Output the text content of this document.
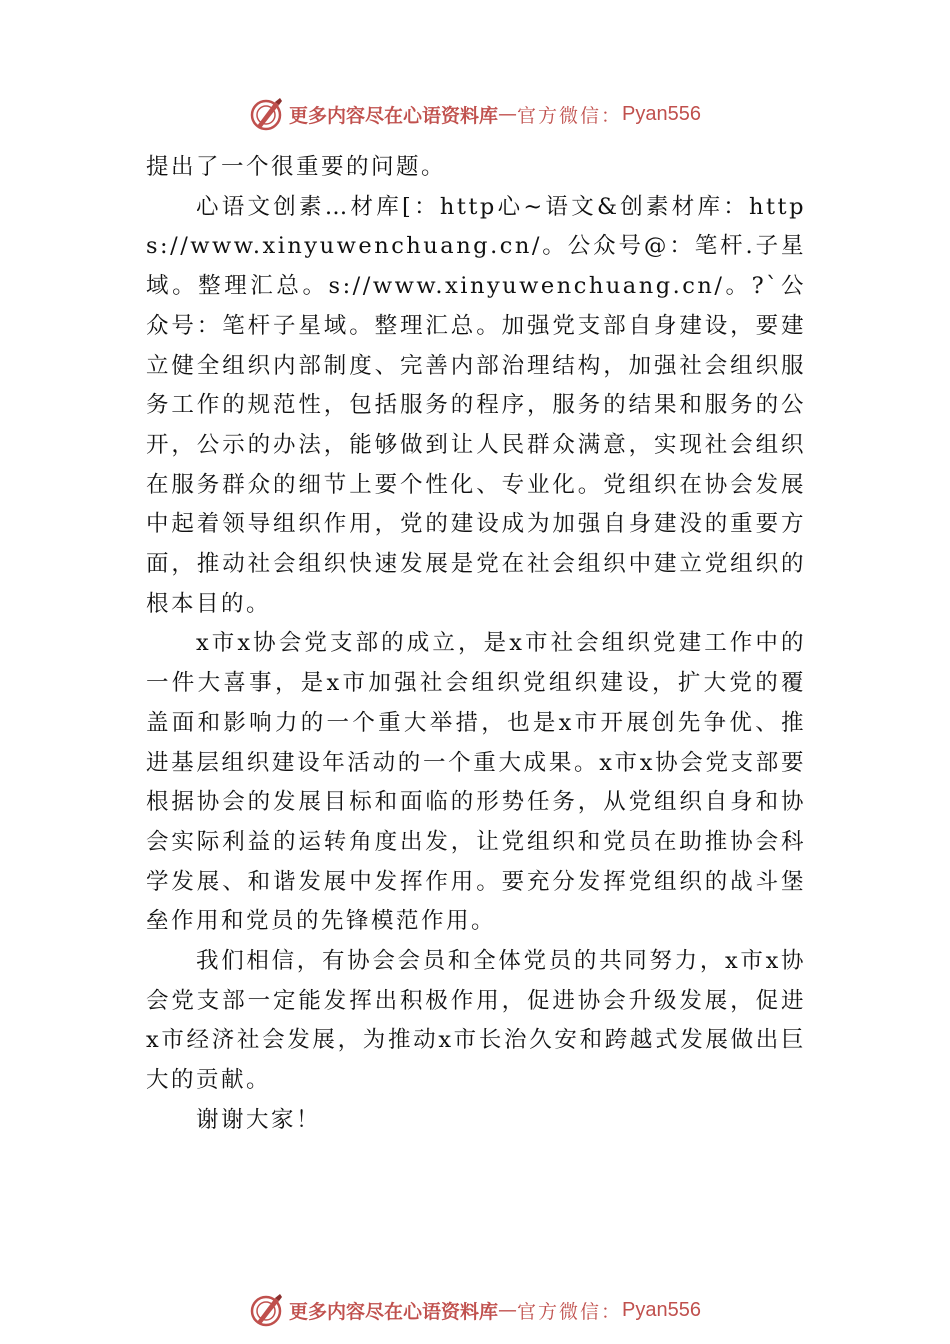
更多内容尽在心语资料库 — 官方微信： Pyan556

提出了一个很重要的问题。

心语文创素…材库[：http心~语文&创素材库：https://www.xinyuwenchuang.cn/。公众号@：笔杆.子星域。整理汇总。s://www.xinyuwenchuang.cn/。?`公众号：笔杆子星域。整理汇总。加强党支部自身建设，要建立健全组织内部制度、完善内部治理结构，加强社会组织服务工作的规范性，包括服务的程序，服务的结果和服务的公开，公示的办法，能够做到让人民群众满意，实现社会组织在服务群众的细节上要个性化、专业化。党组织在协会发展中起着领导组织作用，党的建设成为加强自身建没的重要方面，推动社会组织快速发展是党在社会组织中建立党组织的根本目的。

x市x协会党支部的成立，是x市社会组织党建工作中的一件大喜事，是x市加强社会组织党组织建设，扩大党的覆盖面和影响力的一个重大举措，也是x市开展创先争优、推进基层组织建设年活动的一个重大成果。x市x协会党支部要根据协会的发展目标和面临的形势任务，从党组织自身和协会实际利益的运转角度出发，让党组织和党员在助推协会科学发展、和谐发展中发挥作用。要充分发挥党组织的战斗堡垒作用和党员的先锋模范作用。

我们相信，有协会会员和全体党员的共同努力，x市x协会党支部一定能发挥出积极作用，促进协会升级发展，促进x市经济社会发展，为推动x市长治久安和跨越式发展做出巨大的贡献。

谢谢大家！

更多内容尽在心语资料库 — 官方微信： Pyan556
